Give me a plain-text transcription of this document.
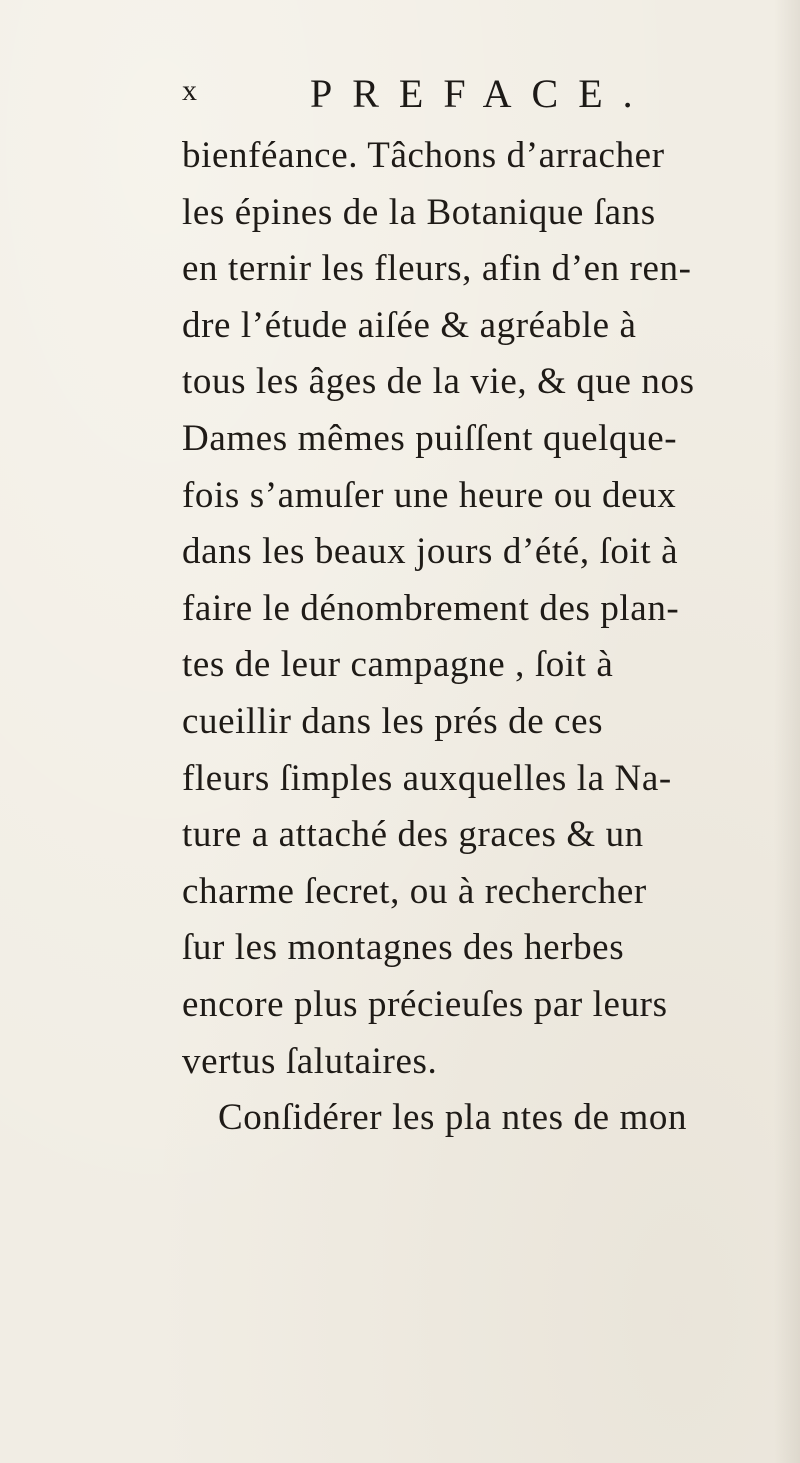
x	PREFACE.
bienféance. Tâchons d’arracher
les épines de la Botanique ſans
en ternir les fleurs, afin d’en ren-
dre l’étude aiſée & agréable à
tous les âges de la vie, & que nos
Dames mêmes puiſſent quelque-
fois s’amuſer une heure ou deux
dans les beaux jours d’été, ſoit à
faire le dénombrement des plan-
tes de leur campagne , ſoit à
cueillir dans les prés de ces
fleurs ſimples auxquelles la Na-
ture a attaché des graces & un
charme ſecret, ou à rechercher
ſur les montagnes des herbes
encore plus précieuſes par leurs
vertus ſalutaires.
Conſidérer les pla ntes de mon
